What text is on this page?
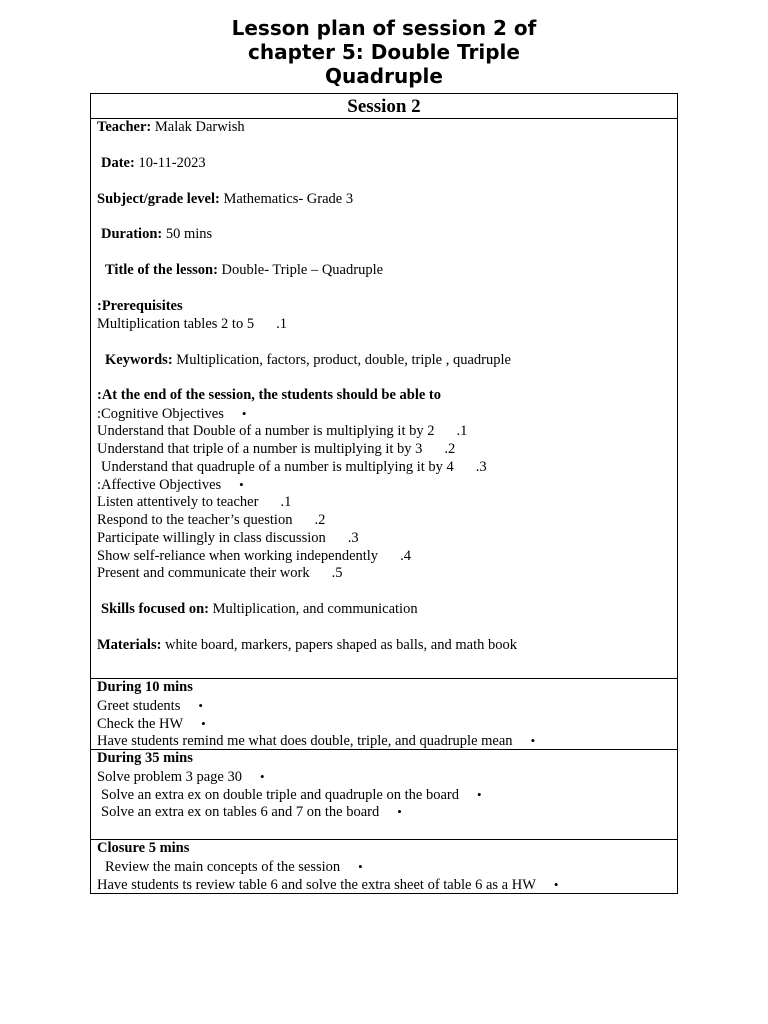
Lesson plan of session 2 of
chapter 5: Double Triple
Quadruple
Session 2
Teacher: Malak Darwish
Date: 10-11-2023
Subject/grade level: Mathematics- Grade 3
Duration: 50 mins
Title of the lesson: Double- Triple – Quadruple
:Prerequisites
Multiplication tables 2 to 5 .1
Keywords: Multiplication, factors, product, double, triple , quadruple
:At the end of the session, the students should be able to
:Cognitive Objectives •
Understand that Double of a number is multiplying it by 2 .1
Understand that triple of a number is multiplying it by 3 .2
Understand that quadruple of a number is multiplying it by 4 .3
:Affective Objectives •
Listen attentively to teacher .1
Respond to the teacher’s question .2
Participate willingly in class discussion .3
Show self-reliance when working independently .4
Present and communicate their work .5
Skills focused on: Multiplication, and communication
Materials: white board, markers, papers shaped as balls, and math book
During 10 mins
Greet students •
Check the HW •
Have students remind me what does double, triple, and quadruple mean •
During 35 mins
Solve problem 3 page 30 •
Solve an extra ex on double triple and quadruple on the board •
Solve an extra ex on tables 6 and 7 on the board •
Closure 5 mins
Review the main concepts of the session •
Have students ts review table 6 and solve the extra sheet of table 6 as a HW •
